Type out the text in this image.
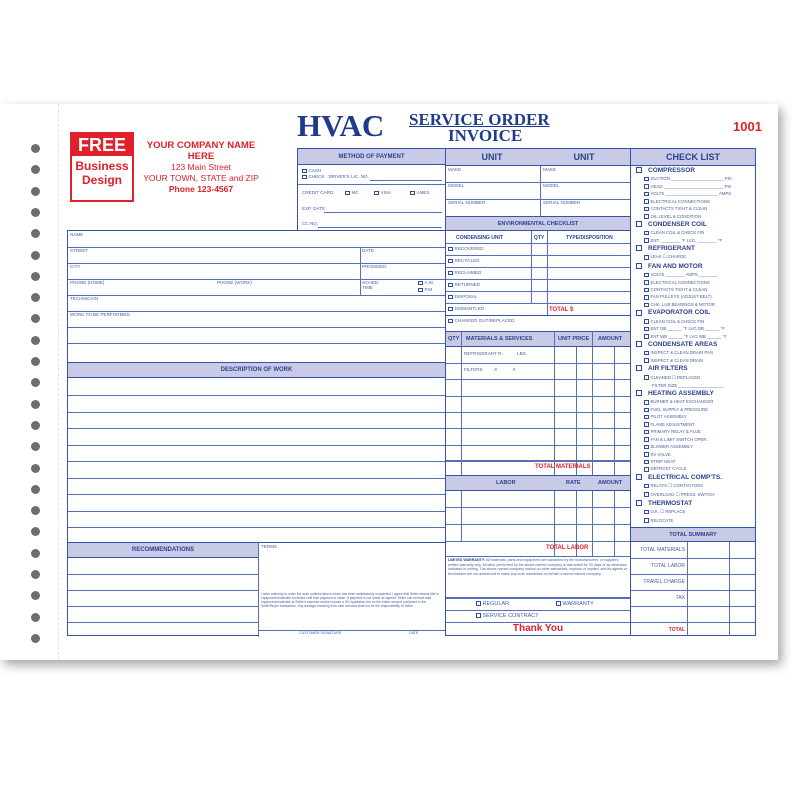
FREE
Business
Design
YOUR COMPANY NAME HERE
123 Main Street
YOUR TOWN, STATE and ZIP
Phone 123-4567
HVAC SERVICE ORDER
INVOICE	1001
METHOD OF PAYMENT
CASH
CHECK DRIVER'S LIC. NO.
CREDIT CARD	MC	VISA	AMEX
EXP. DATE
CC NO.
UNIT	UNIT
MAKE
MODEL
SERIAL NUMBER
MAKE
MODEL
SERIAL NUMBER
ENVIRONMENTAL CHECKLIST
CONDENSING UNIT	QTY	TYPE/DISPOSITION
RECOVERED
RECYCLED
RECLAIMED
RETURNED
DISPOSAL
DISMANTLED
CHANGED OUT/REPLACED
TOTAL $
NAME
STREET	DATE
CITY	PROMISED
PHONE (HOME)	PHONE (WORK)	SCHED. TIME
A.M.
P.M.
TECHNICIAN
WORK TO BE PERFORMED
DESCRIPTION OF WORK
RECOMMENDATIONS
TERMS
I have authority to order the work outlined above which has been satisfactorily completed. I agree that Seller retains title to equipment/materials furnished until final payment is made. If payment is not made as agreed, Seller can remove said equipment/materials at Seller's expense and/or impose a 3% liquidation fee on the entire amount contained in the Seller/Buyer transaction. Any damage resulting from said removal shall not be the responsibility of Seller.
CUSTOMER SIGNATURE	DATE
QTY MATERIALS & SERVICES	UNIT PRICE AMOUNT
REFRIGERANT R-	LBS.
FILTERS	X	X
TOTAL MATERIALS
LABOR	RATE	AMOUNT
TOTAL LABOR
LIMITED WARRANTY: All materials, parts and equipment are warranted by the manufacturers' or suppliers' written warranty only. All labor performed by the above named company is warranted for 30 days or as otherwise indicated in writing. The above named company makes no other warranties, express or implied, and its agents or technicians are not authorized to make any such warranties on behalf of above named company.
REGULAR	WARRANTY
SERVICE CONTRACT
Thank You
CHECK LIST
TOTAL SUMMARY
TOTAL MATERIALS
TOTAL LABOR
TRAVEL CHARGE
TAX
TOTAL
COMPRESSOR
SUCTION ______________________ PSI
HEAD _________________________ PSI
VOLTS ______________________ AMPS
ELECTRICAL CONNECTIONS
CONTACTS TIGHT & CLEAN
OIL LEVEL & CONDITION
CONDENSER COIL
CLEAN COIL & CHECK FIN
ENT. ________ °F LVG. ________ °F
REFRIGERANT
LEAK ☐ CHARGE
FAN AND MOTOR
VOLTS ________ AMPS ________
ELECTRICAL CONNECTIONS
CONTACTS TIGHT & CLEAN
FAN PULLEYS (ADJUST BELT)
CHK. LUB BEARINGS & MOTOR
EVAPORATOR COIL
CLEAN COIL & CHECK FIN
ENT DB ______ °F LVG DB ______ °F
ENT WB ______ °F LVG WB ______ °F
CONDENSATE AREAS
INSPECT & CLEAN DRAIN PAN
INSPECT & CLEAN DRAIN
AIR FILTERS
CLEANED ☐ REPLACED
FILTER SIZE ___________________
HEATING ASSEMBLY
BURNER & HEAT EXCHANGER
FUEL SUPPLY & PRESSURE
PILOT ASSEMBLY
FLAME ADJUSTMENT
PRIMARY RELAY & FLUE
FAN & LIMIT SWITCH OPER.
BLOWER ASSEMBLY
RV VALVE
STRIP HEAT
DEFROST CYCLE
ELECTRICAL COMP'TS.
RELAYS ☐ CONTACTORS
OVERLOAD ☐ PRESS. SWITCH
THERMOSTAT
O.K. ☐ REPLACE
RELOCATE
